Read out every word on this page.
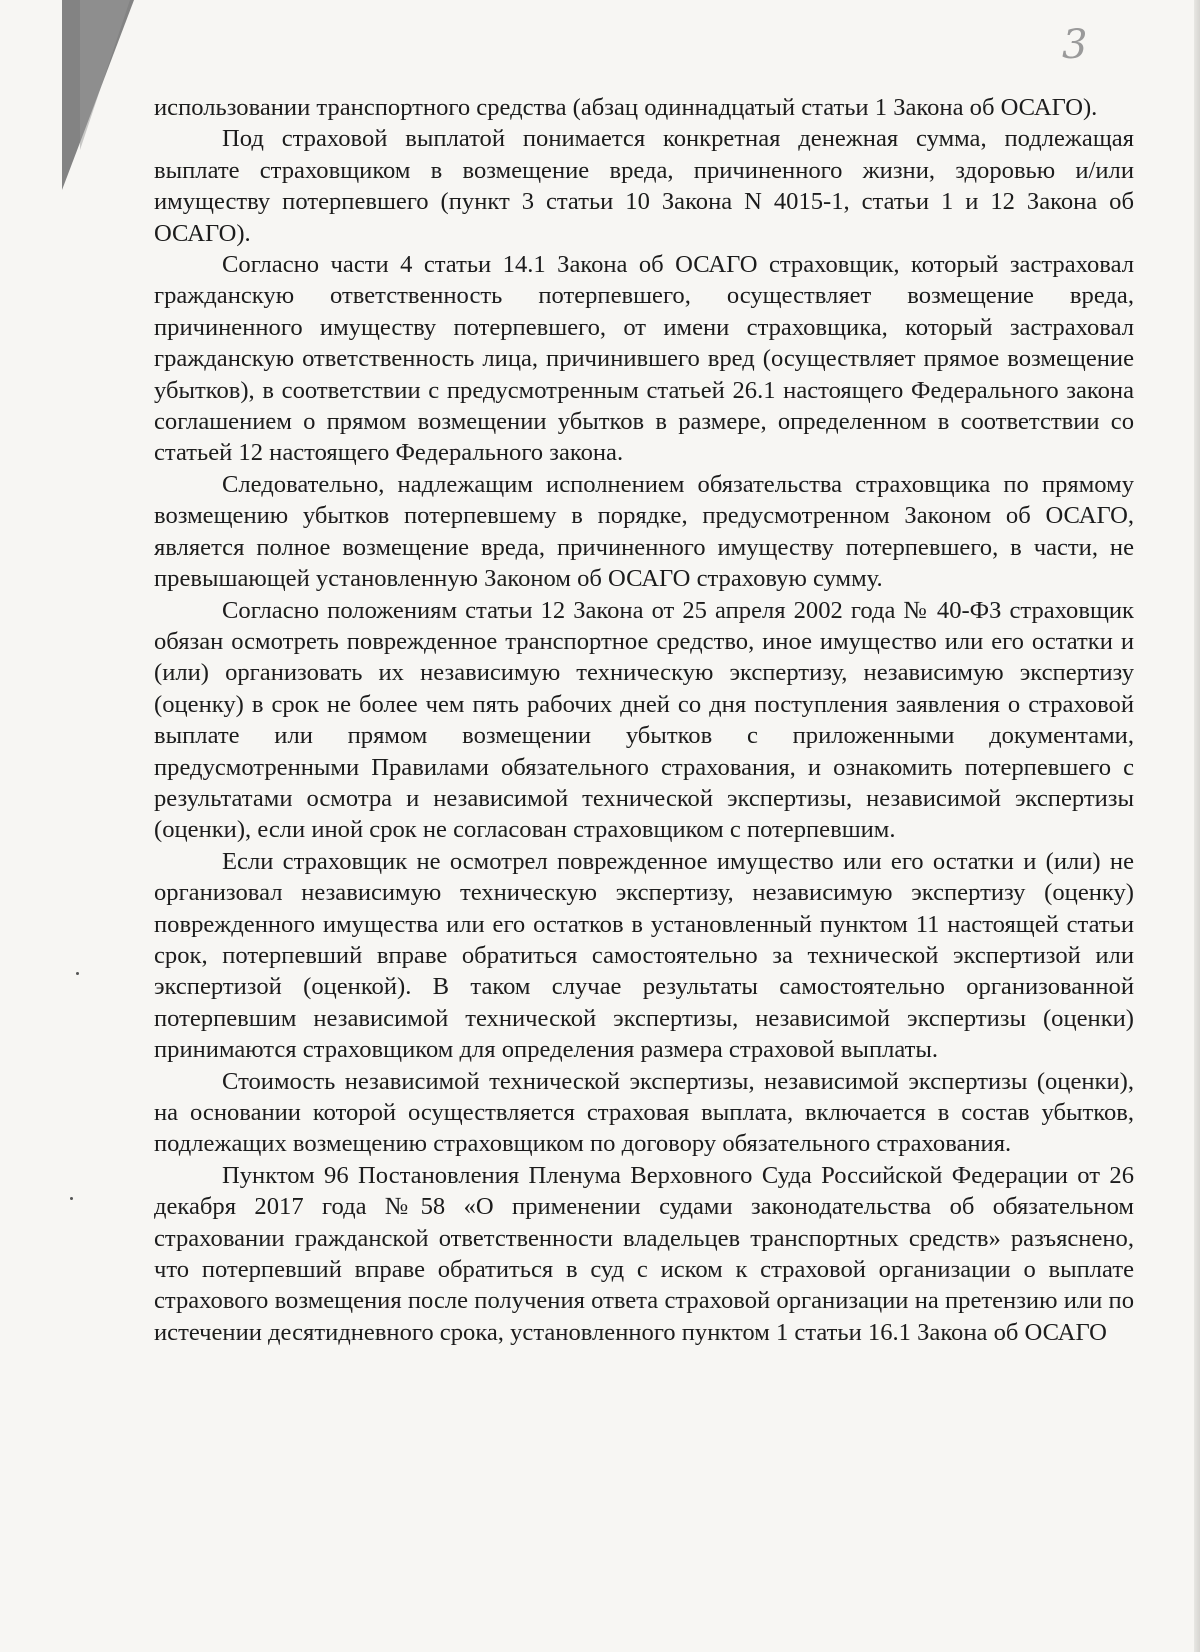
3

использовании транспортного средства (абзац одиннадцатый статьи 1 Закона об ОСАГО).

Под страховой выплатой понимается конкретная денежная сумма, подлежащая выплате страховщиком в возмещение вреда, причиненного жизни, здоровью и/или имуществу потерпевшего (пункт 3 статьи 10 Закона N 4015-1, статьи 1 и 12 Закона об ОСАГО).

Согласно части 4 статьи 14.1 Закона об ОСАГО страховщик, который застраховал гражданскую ответственность потерпевшего, осуществляет возмещение вреда, причиненного имуществу потерпевшего, от имени страховщика, который застраховал гражданскую ответственность лица, причинившего вред (осуществляет прямое возмещение убытков), в соответствии с предусмотренным статьей 26.1 настоящего Федерального закона соглашением о прямом возмещении убытков в размере, определенном в соответствии со статьей 12 настоящего Федерального закона.

Следовательно, надлежащим исполнением обязательства страховщика по прямому возмещению убытков потерпевшему в порядке, предусмотренном Законом об ОСАГО, является полное возмещение вреда, причиненного имуществу потерпевшего, в части, не превышающей установленную Законом об ОСАГО страховую сумму.

Согласно положениям статьи 12 Закона от 25 апреля 2002 года № 40-ФЗ страховщик обязан осмотреть поврежденное транспортное средство, иное имущество или его остатки и (или) организовать их независимую техническую экспертизу, независимую экспертизу (оценку) в срок не более чем пять рабочих дней со дня поступления заявления о страховой выплате или прямом возмещении убытков с приложенными документами, предусмотренными Правилами обязательного страхования, и ознакомить потерпевшего с результатами осмотра и независимой технической экспертизы, независимой экспертизы (оценки), если иной срок не согласован страховщиком с потерпевшим.

Если страховщик не осмотрел поврежденное имущество или его остатки и (или) не организовал независимую техническую экспертизу, независимую экспертизу (оценку) поврежденного имущества или его остатков в установленный пунктом 11 настоящей статьи срок, потерпевший вправе обратиться самостоятельно за технической экспертизой или экспертизой (оценкой). В таком случае результаты самостоятельно организованной потерпевшим независимой технической экспертизы, независимой экспертизы (оценки) принимаются страховщиком для определения размера страховой выплаты.

Стоимость независимой технической экспертизы, независимой экспертизы (оценки), на основании которой осуществляется страховая выплата, включается в состав убытков, подлежащих возмещению страховщиком по договору обязательного страхования.

Пунктом 96 Постановления Пленума Верховного Суда Российской Федерации от 26 декабря 2017 года №58 «О применении судами законодательства об обязательном страховании гражданской ответственности владельцев транспортных средств» разъяснено, что потерпевший вправе обратиться в суд с иском к страховой организации о выплате страхового возмещения после получения ответа страховой организации на претензию или по истечении десятидневного срока, установленного пунктом 1 статьи 16.1 Закона об ОСАГО
